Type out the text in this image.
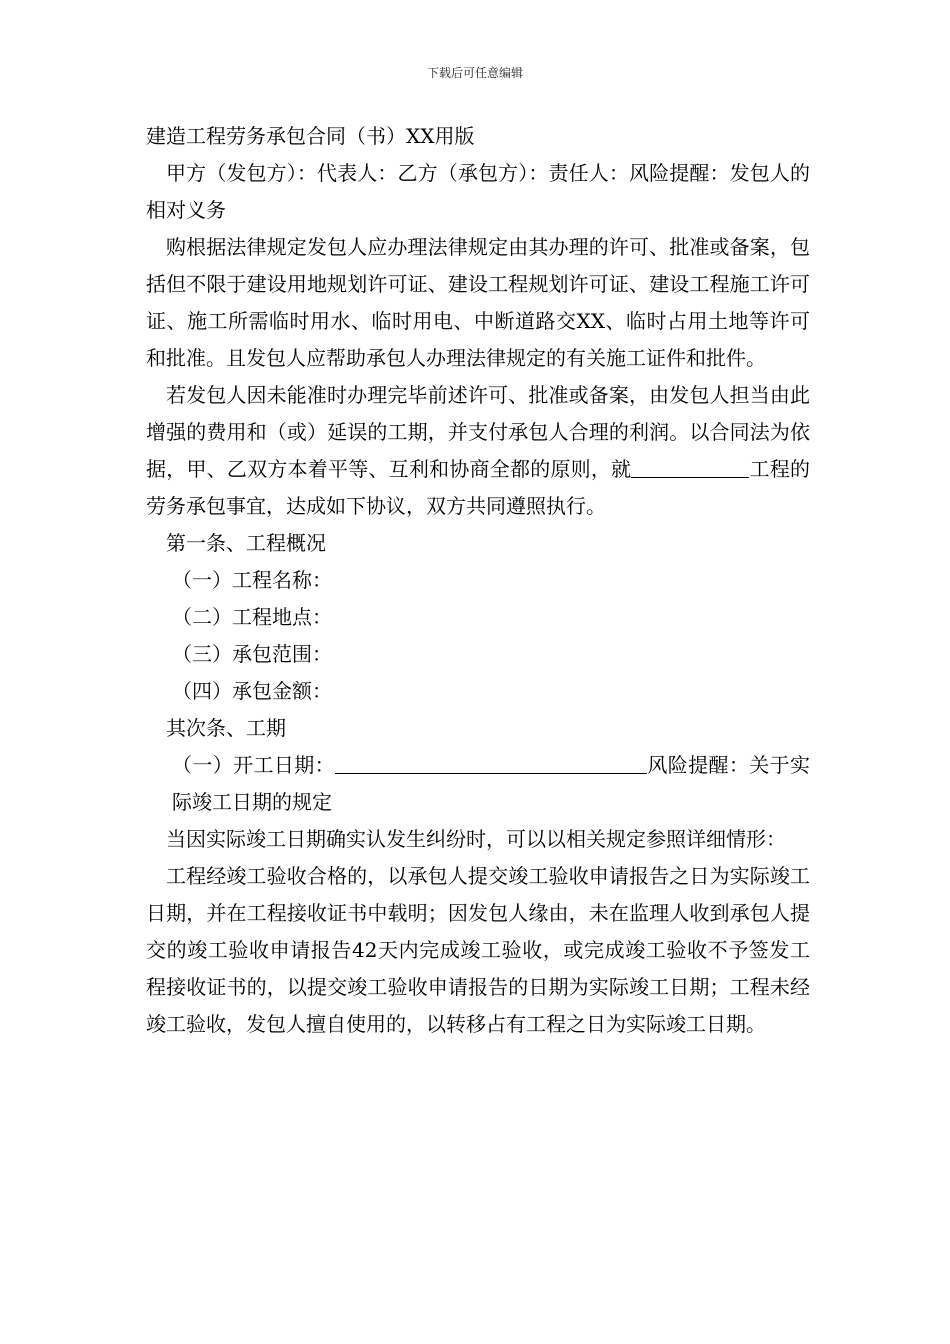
下载后可任意编辑

建造工程劳务承包合同（书）XX用版

甲方（发包方）：代表人：乙方（承包方）：责任人：风险提醒：发包人的相对义务

购根据法律规定发包人应办理法律规定由其办理的许可、批准或备案，包括但不限于建设用地规划许可证、建设工程规划许可证、建设工程施工许可证、施工所需临时用水、临时用电、中断道路交XX、临时占用土地等许可和批准。且发包人应帮助承包人办理法律规定的有关施工证件和批件。

若发包人因未能准时办理完毕前述许可、批准或备案，由发包人担当由此增强的费用和（或）延误的工期，并支付承包人合理的利润。以合同法为依据，甲、乙双方本着平等、互利和协商全都的原则，就	工程的劳务承包事宜，达成如下协议，双方共同遵照执行。

第一条、工程概况

（一）工程名称：

（二）工程地点：

（三）承包范围：

（四）承包金额：

其次条、工期

（一）开工日期：	风险提醒：关于实际竣工日期的规定

当因实际竣工日期确实认发生纠纷时，可以以相关规定参照详细情形：

工程经竣工验收合格的，以承包人提交竣工验收申请报告之日为实际竣工日期，并在工程接收证书中载明；因发包人缘由，未在监理人收到承包人提交的竣工验收申请报告42天内完成竣工验收，或完成竣工验收不予签发工程接收证书的，以提交竣工验收申请报告的日期为实际竣工日期；工程未经竣工验收，发包人擅自使用的，以转移占有工程之日为实际竣工日期。
